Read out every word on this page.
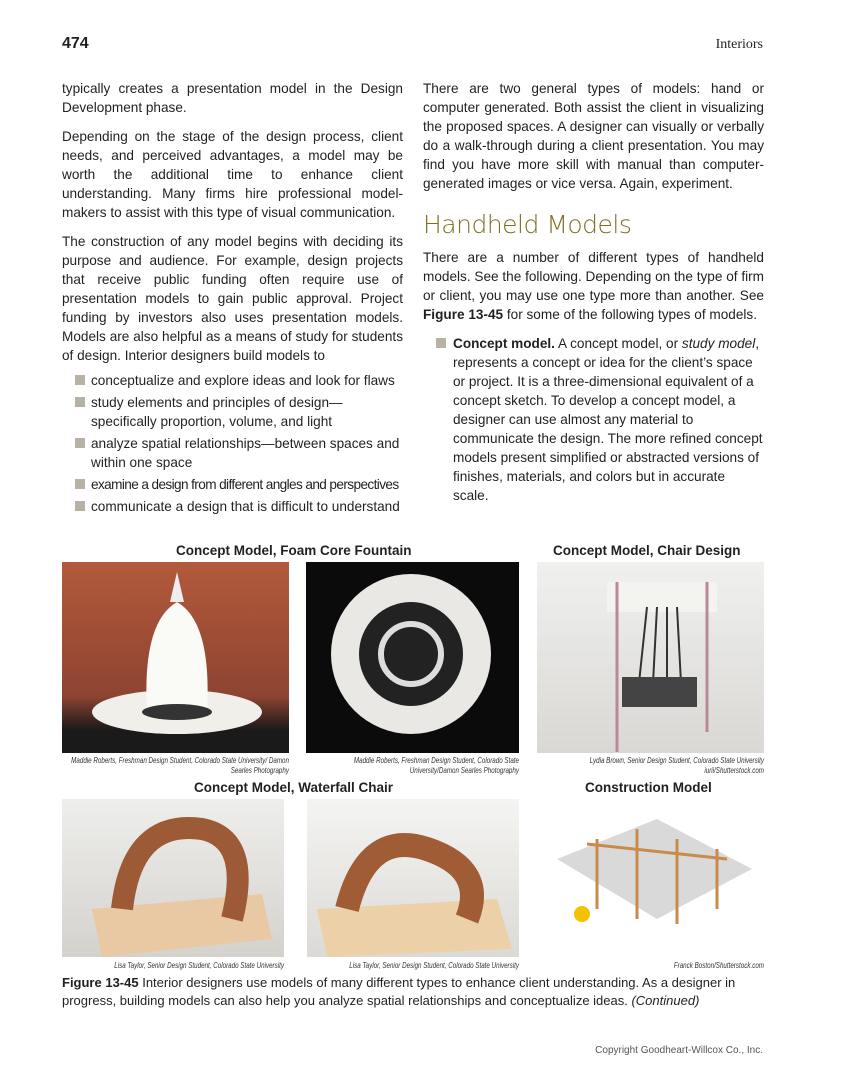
474	Interiors

typically creates a presentation model in the Design Development phase.

Depending on the stage of the design process, client needs, and perceived advantages, a model may be worth the additional time to enhance client understanding. Many firms hire professional model-makers to assist with this type of visual communication.

The construction of any model begins with deciding its purpose and audience. For example, design projects that receive public funding often require use of presentation models to gain public approval. Project funding by investors also uses presentation models. Models are also helpful as a means of study for students of design. Interior designers build models to

conceptualize and explore ideas and look for flaws
study elements and principles of design—specifically proportion, volume, and light
analyze spatial relationships—between spaces and within one space
examine a design from different angles and perspectives
communicate a design that is difficult to understand

There are two general types of models: hand or computer generated. Both assist the client in visualizing the proposed spaces. A designer can visually or verbally do a walk-through during a client presentation. You may find you have more skill with manual than computer-generated images or vice versa. Again, experiment.

Handheld Models

There are a number of different types of handheld models. See the following. Depending on the type of firm or client, you may use one type more than another. See Figure 13-45 for some of the following types of models.

Concept model. A concept model, or study model, represents a concept or idea for the client’s space or project. It is a three-dimensional equivalent of a concept sketch. To develop a concept model, a designer can use almost any material to communicate the design. The more refined concept models present simplified or abstracted versions of finishes, materials, and colors but in accurate scale.
Concept Model, Foam Core Fountain	Concept Model, Chair Design
Maddie Roberts, Freshman Design Student, Colorado State University/ Damon Searles Photography
Maddie Roberts, Freshman Design Student, Colorado State University/Damon Searles Photography
Lydia Brown, Senior Design Student, Colorado State University iurii/Shutterstock.com
Concept Model, Waterfall Chair	Construction Model
Lisa Taylor, Senior Design Student, Colorado State University	Lisa Taylor, Senior Design Student, Colorado State University	Franck Boston/Shutterstock.com
Figure 13-45 Interior designers use models of many different types to enhance client understanding. As a designer in progress, building models can also help you analyze spatial relationships and conceptualize ideas. (Continued)
Copyright Goodheart-Willcox Co., Inc.
